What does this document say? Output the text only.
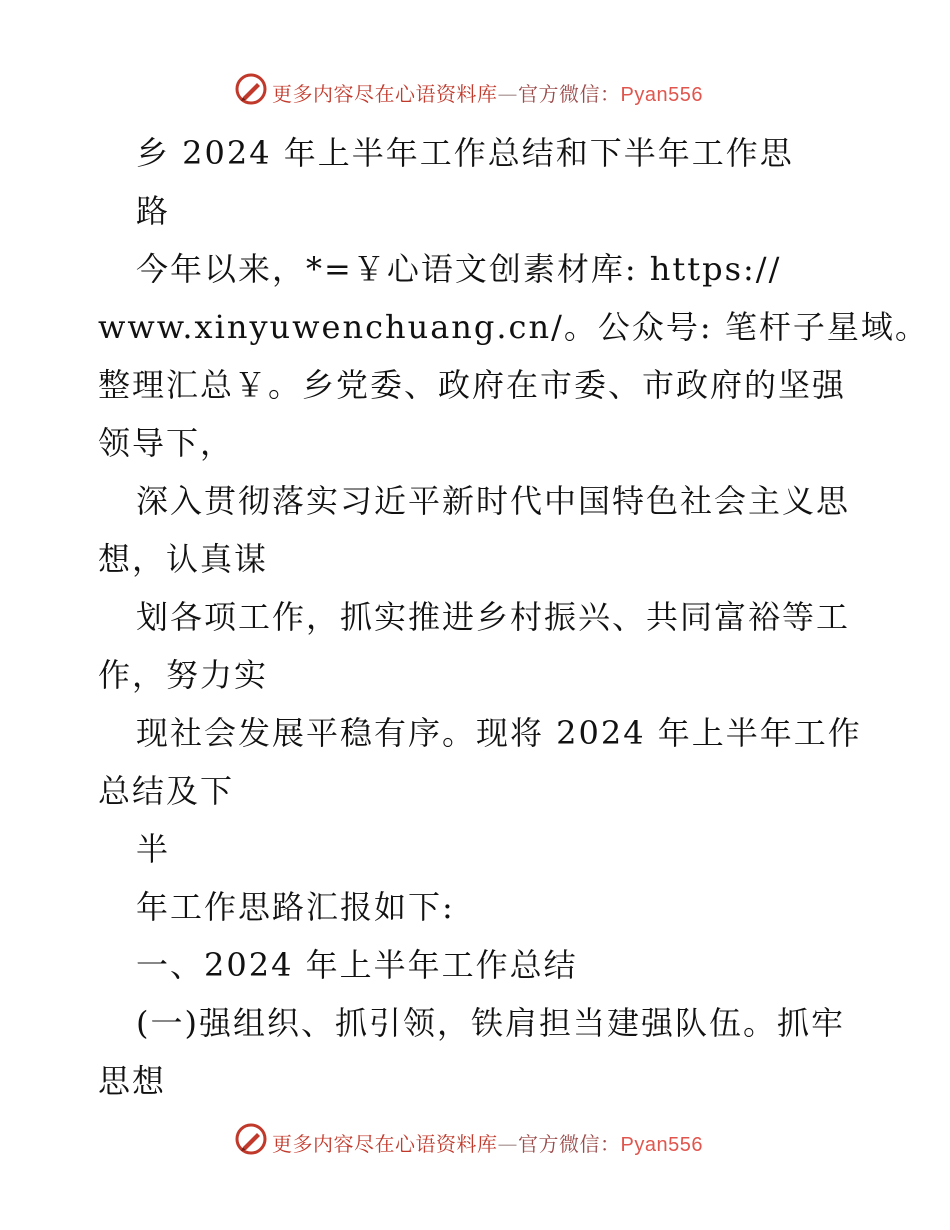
更多内容尽在心语资料库—官方微信：Pyan556
乡 2024 年上半年工作总结和下半年工作思
路
今年以来，*=￥心语文创素材库: https://
www.xinyuwenchuang.cn/。公众号: 笔杆子星域。
整理汇总￥。乡党委、政府在市委、市政府的坚强
领导下，
深入贯彻落实习近平新时代中国特色社会主义思
想，认真谋
划各项工作，抓实推进乡村振兴、共同富裕等工
作，努力实
现社会发展平稳有序。现将 2024 年上半年工作
总结及下
半
年工作思路汇报如下:
一、2024 年上半年工作总结
(一)强组织、抓引领，铁肩担当建强队伍。抓牢
思想
更多内容尽在心语资料库—官方微信：Pyan556
